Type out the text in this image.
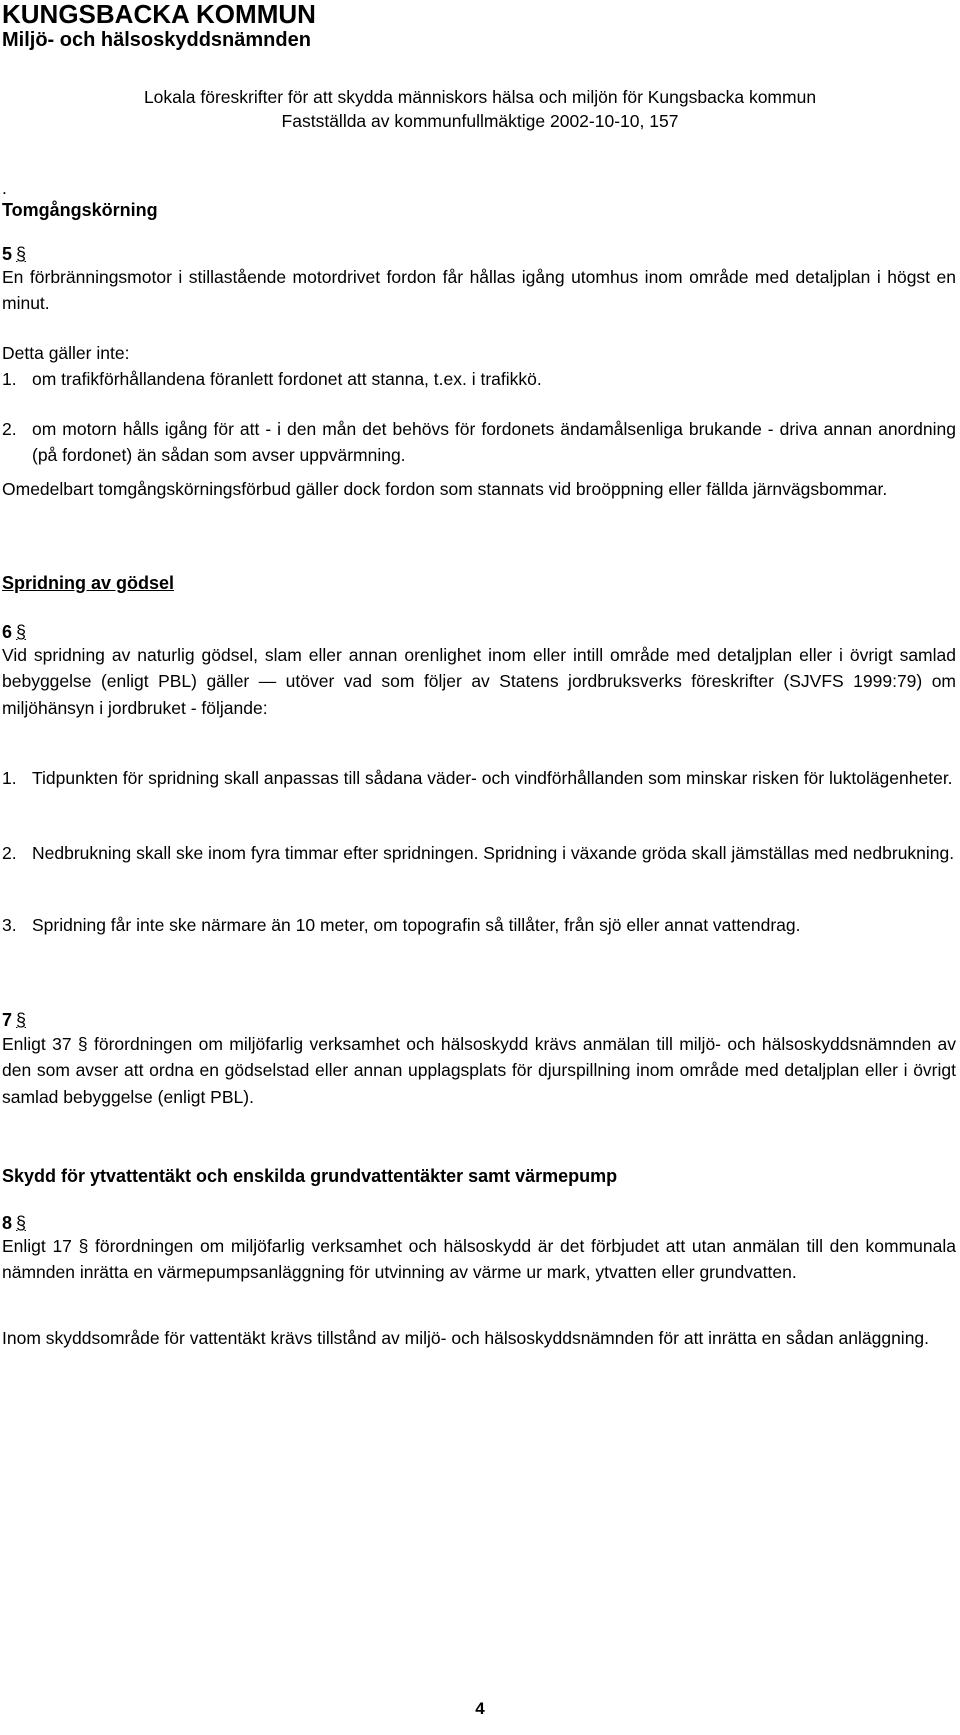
KUNGSBACKA KOMMUN
Miljö- och hälsoskyddsnämnden
Lokala föreskrifter för att skydda människors hälsa och miljön för Kungsbacka kommun
Fastställda av kommunfullmäktige 2002-10-10, 157
.
Tomgångskörning
5 §
En förbränningsmotor i stillastående motordrivet fordon får hållas igång utomhus inom område med detaljplan i högst en minut.
Detta gäller inte:
1. om trafikförhållandena föranlett fordonet att stanna, t.ex. i trafikkö.
2. om motorn hålls igång för att - i den mån det behövs för fordonets ändamålsenliga brukande - driva annan anordning (på fordonet) än sådan som avser uppvärmning.
Omedelbart tomgångskörningsförbud gäller dock fordon som stannats vid broöppning eller fällda järnvägsbommar.
Spridning av gödsel
6 §
Vid spridning av naturlig gödsel, slam eller annan orenlighet inom eller intill område med detaljplan eller i övrigt samlad bebyggelse (enligt PBL) gäller — utöver vad som följer av Statens jordbruksverks föreskrifter (SJVFS 1999:79) om miljöhänsyn i jordbruket - följande:
1. Tidpunkten för spridning skall anpassas till sådana väder- och vindförhållanden som minskar risken för luktolägenheter.
2. Nedbrukning skall ske inom fyra timmar efter spridningen. Spridning i växande gröda skall jämställas med nedbrukning.
3. Spridning får inte ske närmare än 10 meter, om topografin så tillåter, från sjö eller annat vattendrag.
7 §
Enligt 37 § förordningen om miljöfarlig verksamhet och hälsoskydd krävs anmälan till miljö- och hälsoskyddsnämnden av den som avser att ordna en gödselstad eller annan upplagsplats för djurspillning inom område med detaljplan eller i övrigt samlad bebyggelse (enligt PBL).
Skydd för ytvattentäkt och enskilda grundvattentäkter samt värmepump
8 §
Enligt 17 § förordningen om miljöfarlig verksamhet och hälsoskydd är det förbjudet att utan anmälan till den kommunala nämnden inrätta en värmepumpsanläggning för utvinning av värme ur mark, ytvatten eller grundvatten.
Inom skyddsområde för vattentäkt krävs tillstånd av miljö- och hälsoskyddsnämnden för att inrätta en sådan anläggning.
4
